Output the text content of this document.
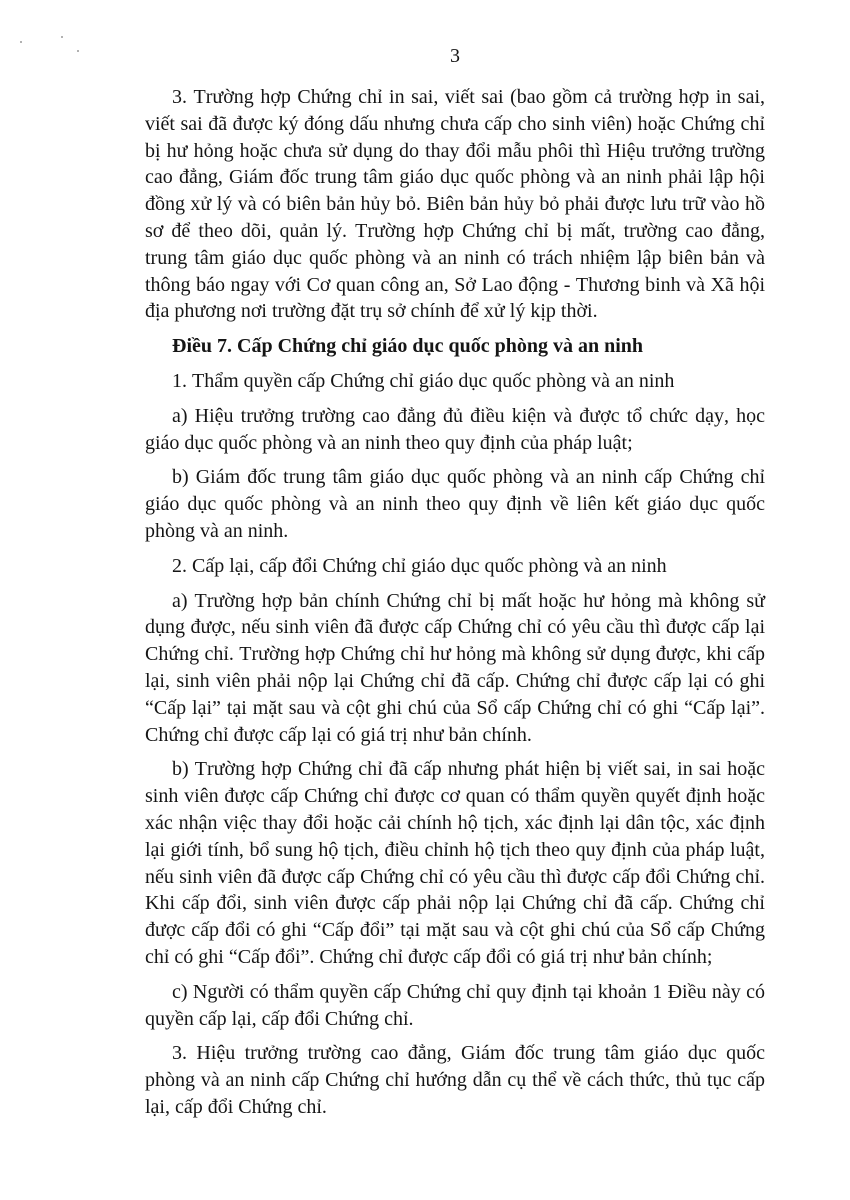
3

3. Trường hợp Chứng chỉ in sai, viết sai (bao gồm cả trường hợp in sai, viết sai đã được ký đóng dấu nhưng chưa cấp cho sinh viên) hoặc Chứng chỉ bị hư hỏng hoặc chưa sử dụng do thay đổi mẫu phôi thì Hiệu trưởng trường cao đẳng, Giám đốc trung tâm giáo dục quốc phòng và an ninh phải lập hội đồng xử lý và có biên bản hủy bỏ. Biên bản hủy bỏ phải được lưu trữ vào hồ sơ để theo dõi, quản lý. Trường hợp Chứng chỉ bị mất, trường cao đẳng, trung tâm giáo dục quốc phòng và an ninh có trách nhiệm lập biên bản và thông báo ngay với Cơ quan công an, Sở Lao động - Thương binh và Xã hội địa phương nơi trường đặt trụ sở chính để xử lý kịp thời.

Điều 7. Cấp Chứng chỉ giáo dục quốc phòng và an ninh

1. Thẩm quyền cấp Chứng chỉ giáo dục quốc phòng và an ninh

a) Hiệu trưởng trường cao đẳng đủ điều kiện và được tổ chức dạy, học giáo dục quốc phòng và an ninh theo quy định của pháp luật;

b) Giám đốc trung tâm giáo dục quốc phòng và an ninh cấp Chứng chỉ giáo dục quốc phòng và an ninh theo quy định về liên kết giáo dục quốc phòng và an ninh.

2. Cấp lại, cấp đổi Chứng chỉ giáo dục quốc phòng và an ninh

a) Trường hợp bản chính Chứng chỉ bị mất hoặc hư hỏng mà không sử dụng được, nếu sinh viên đã được cấp Chứng chỉ có yêu cầu thì được cấp lại Chứng chỉ. Trường hợp Chứng chỉ hư hỏng mà không sử dụng được, khi cấp lại, sinh viên phải nộp lại Chứng chỉ đã cấp. Chứng chỉ được cấp lại có ghi “Cấp lại” tại mặt sau và cột ghi chú của Sổ cấp Chứng chỉ có ghi “Cấp lại”. Chứng chỉ được cấp lại có giá trị như bản chính.

b) Trường hợp Chứng chỉ đã cấp nhưng phát hiện bị viết sai, in sai hoặc sinh viên được cấp Chứng chỉ được cơ quan có thẩm quyền quyết định hoặc xác nhận việc thay đổi hoặc cải chính hộ tịch, xác định lại dân tộc, xác định lại giới tính, bổ sung hộ tịch, điều chỉnh hộ tịch theo quy định của pháp luật, nếu sinh viên đã được cấp Chứng chỉ có yêu cầu thì được cấp đổi Chứng chỉ. Khi cấp đổi, sinh viên được cấp phải nộp lại Chứng chỉ đã cấp. Chứng chỉ được cấp đổi có ghi “Cấp đổi” tại mặt sau và cột ghi chú của Sổ cấp Chứng chỉ có ghi “Cấp đổi”. Chứng chỉ được cấp đổi có giá trị như bản chính;

c) Người có thẩm quyền cấp Chứng chỉ quy định tại khoản 1 Điều này có quyền cấp lại, cấp đổi Chứng chỉ.

3. Hiệu trưởng trường cao đẳng, Giám đốc trung tâm giáo dục quốc phòng và an ninh cấp Chứng chỉ hướng dẫn cụ thể về cách thức, thủ tục cấp lại, cấp đổi Chứng chỉ.
